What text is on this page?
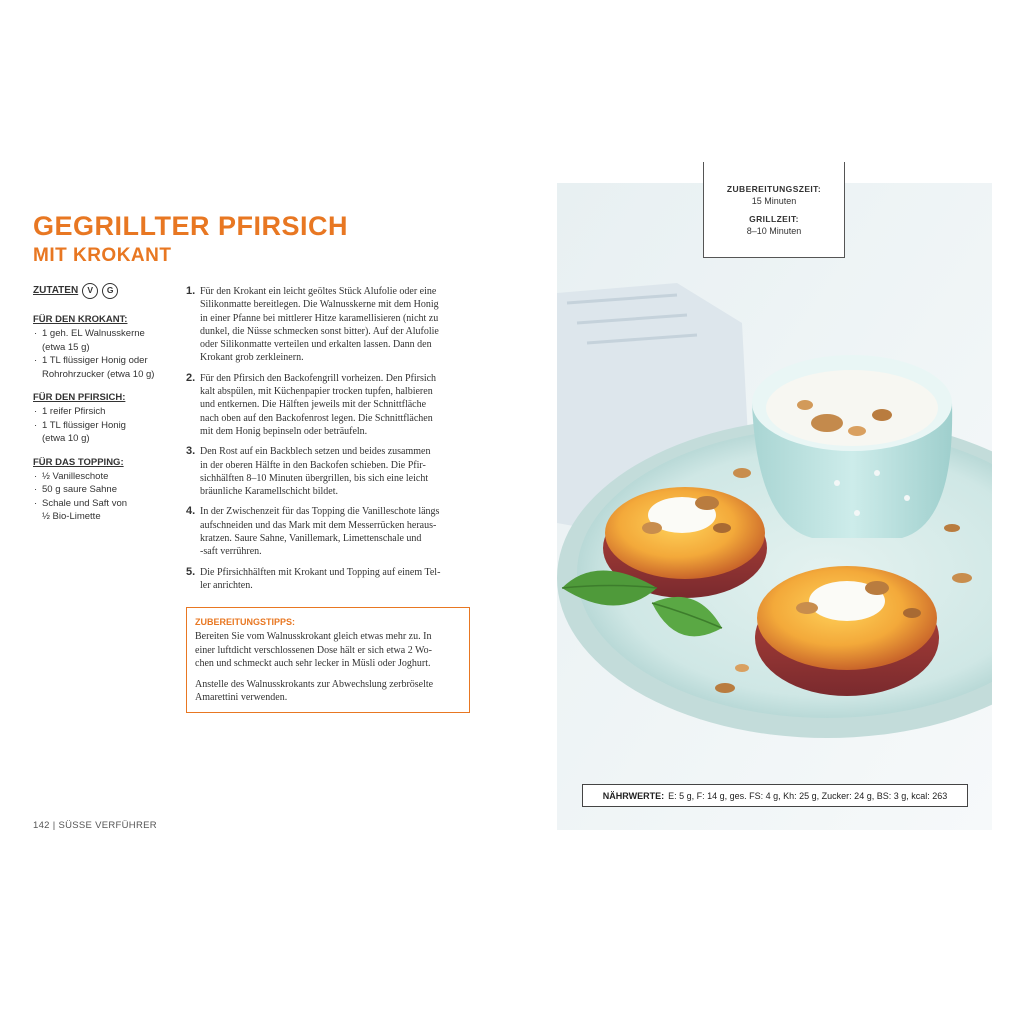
GEGRILLTER PFIRSICH
MIT KROKANT
ZUTATEN	V	G
FÜR DEN KROKANT:
· 1 geh. EL Walnusskerne
(etwa 15 g)
· 1 TL flüssiger Honig oder
Rohrohrzucker (etwa 10 g)
FÜR DEN PFIRSICH:
· 1 reifer Pfirsich
· 1 TL flüssiger Honig
(etwa 10 g)
FÜR DAS TOPPING:
· ½ Vanilleschote
· 50 g saure Sahne
· Schale und Saft von
½ Bio-Limette
1. Für den Krokant ein leicht geöltes Stück Alufolie oder eine
Silikonmatte bereitlegen. Die Walnusskerne mit dem Honig
in einer Pfanne bei mittlerer Hitze karamellisieren (nicht zu
dunkel, die Nüsse schmecken sonst bitter). Auf der Alufolie
oder Silikonmatte verteilen und erkalten lassen. Dann den
Krokant grob zerkleinern.
2. Für den Pfirsich den Backofengrill vorheizen. Den Pfirsich
kalt abspülen, mit Küchenpapier trocken tupfen, halbieren
und entkernen. Die Hälften jeweils mit der Schnittfläche
nach oben auf den Backofenrost legen. Die Schnittflächen
mit dem Honig bepinseln oder beträufeln.
3. Den Rost auf ein Backblech setzen und beides zusammen
in der oberen Hälfte in den Backofen schieben. Die Pfir-
sichhälften 8–10 Minuten übergrillen, bis sich eine leicht
bräunliche Karamellschicht bildet.
4. In der Zwischenzeit für das Topping die Vanilleschote längs
aufschneiden und das Mark mit dem Messerrücken heraus-
kratzen. Saure Sahne, Vanillemark, Limettenschale und
-saft verrühren.
5. Die Pfirsichhälften mit Krokant und Topping auf einem Tel-
ler anrichten.
ZUBEREITUNGSTIPPS:

Bereiten Sie vom Walnusskrokant gleich etwas mehr zu. In
einer luftdicht verschlossenen Dose hält er sich etwa 2 Wo-
chen und schmeckt auch sehr lecker in Müsli oder Joghurt.

Anstelle des Walnusskrokants zur Abwechslung zerbröselte
Amarettini verwenden.

142 | SÜSSE VERFÜHRER
ZUBEREITUNGSZEIT:
15 Minuten
GRILLZEIT:
8–10 Minuten
NÄHRWERTE: E: 5 g, F: 14 g, ges. FS: 4 g, Kh: 25 g, Zucker: 24 g, BS: 3 g, kcal: 263
